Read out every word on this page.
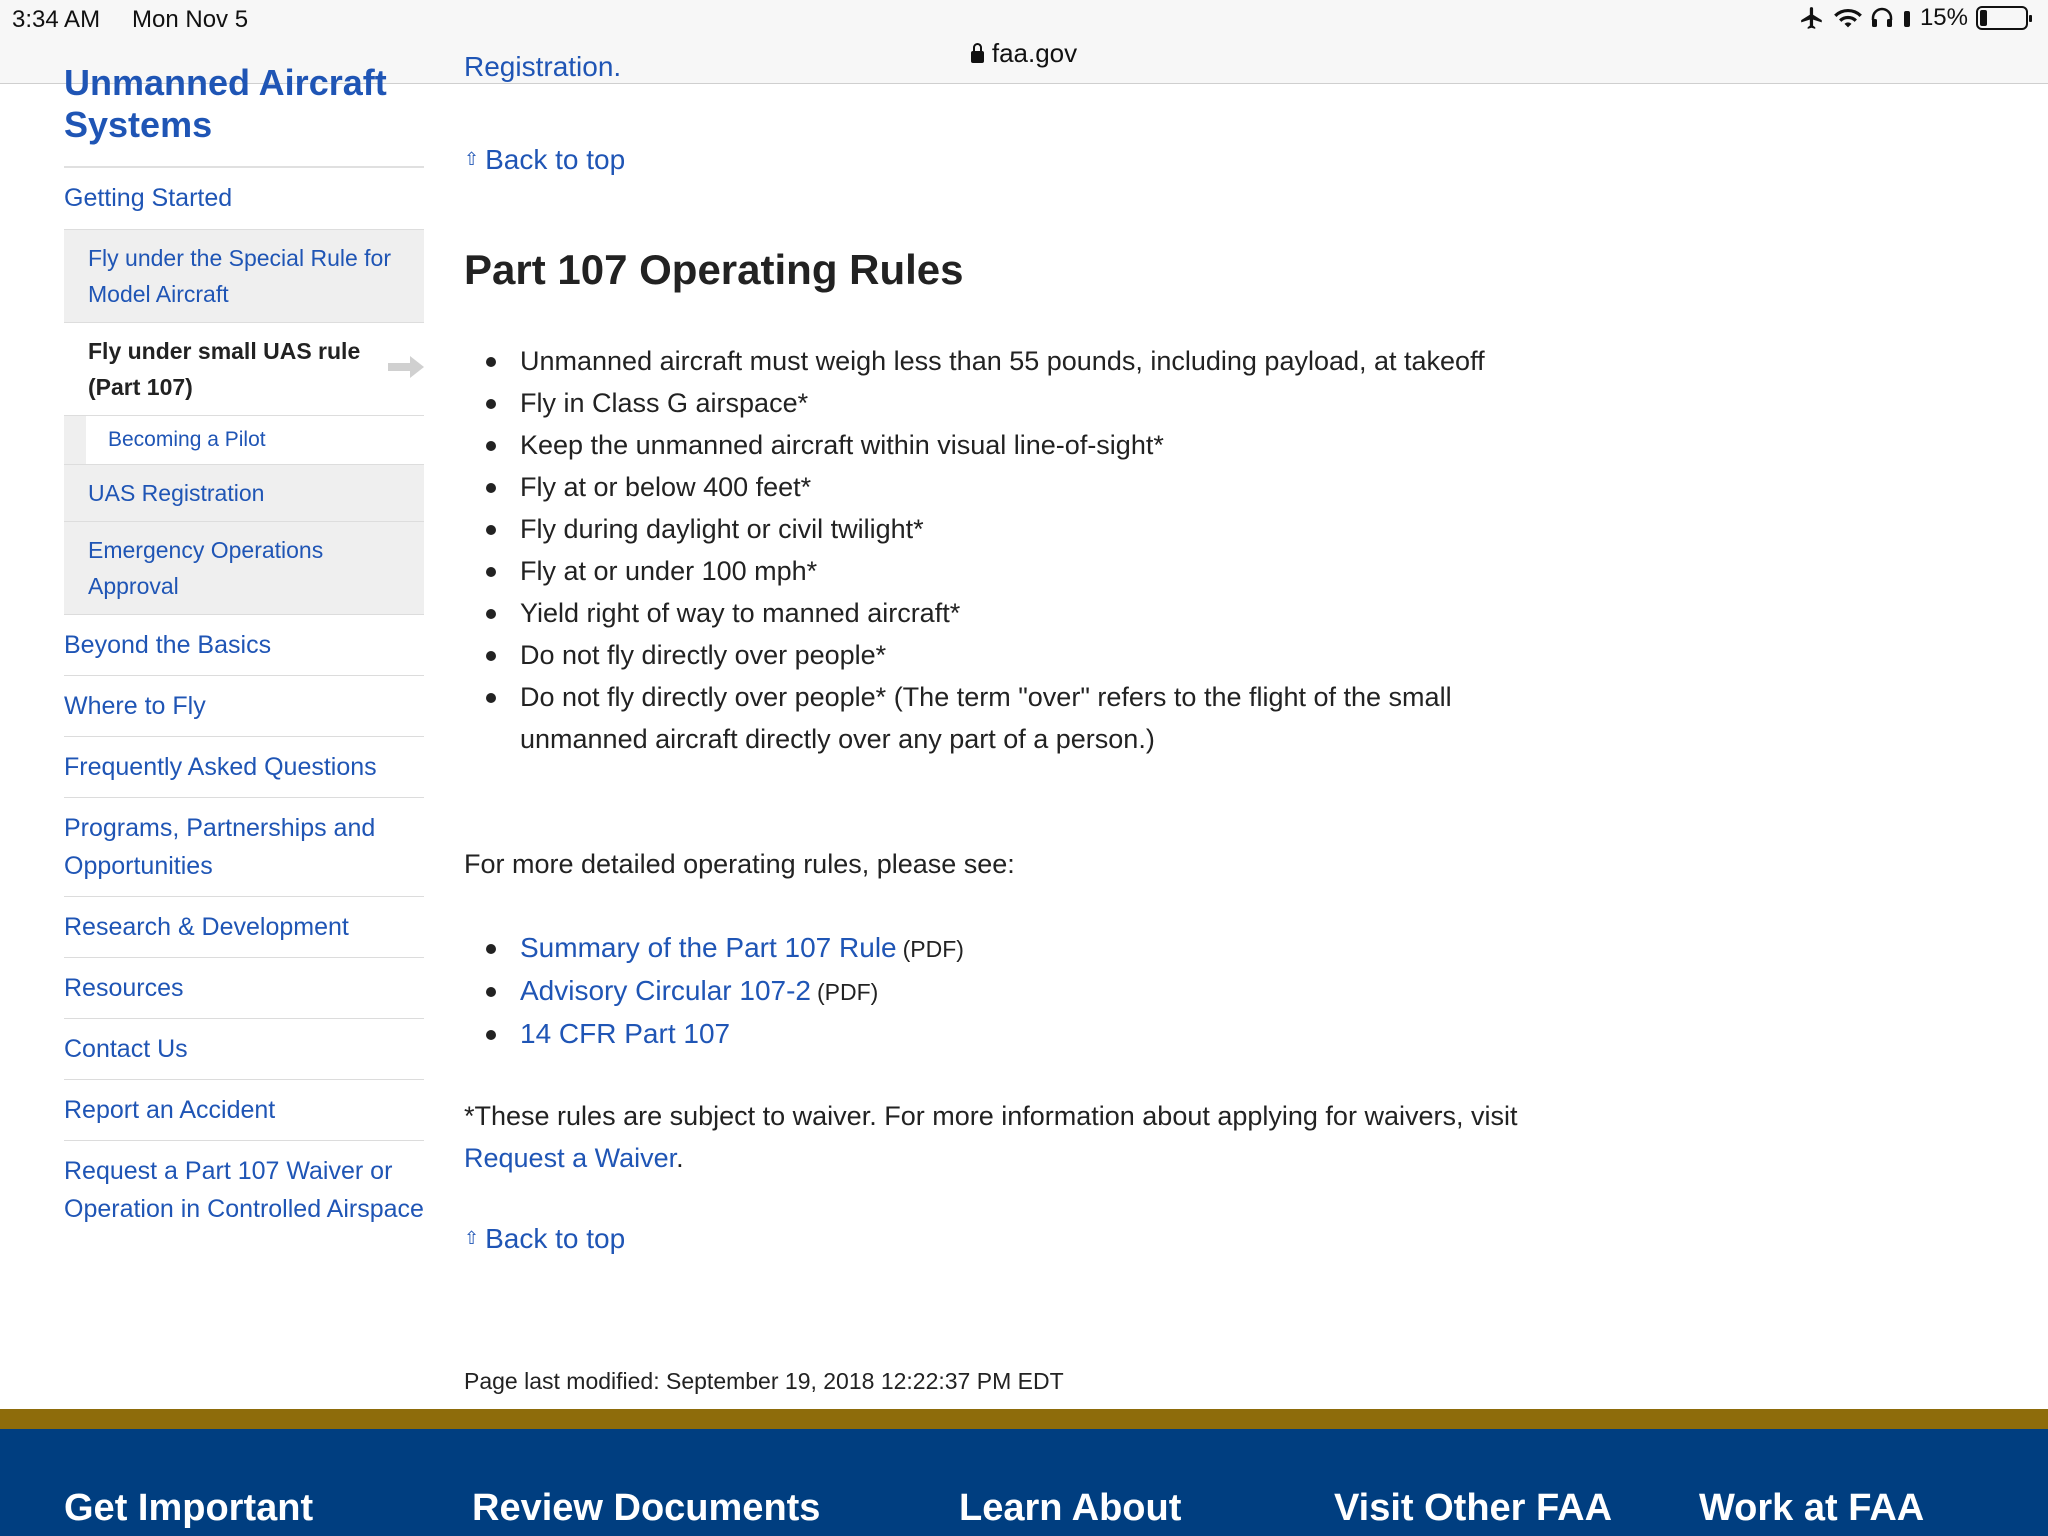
3:34 AM Mon Nov 5	15%
faa.gov
Unmanned Aircraft
Systems
Getting Started
Fly under the Special Rule for Model Aircraft
Fly under small UAS rule (Part 107)
Becoming a Pilot
UAS Registration
Emergency Operations Approval
Beyond the Basics
Where to Fly
Frequently Asked Questions
Programs, Partnerships and Opportunities
Research & Development
Resources
Contact Us
Report an Accident
Request a Part 107 Waiver or Operation in Controlled Airspace
Registration.
⇧ Back to top
Part 107 Operating Rules
Unmanned aircraft must weigh less than 55 pounds, including payload, at takeoff
Fly in Class G airspace*
Keep the unmanned aircraft within visual line-of-sight*
Fly at or below 400 feet*
Fly during daylight or civil twilight*
Fly at or under 100 mph*
Yield right of way to manned aircraft*
Do not fly directly over people*
Do not fly directly over people* (The term "over" refers to the flight of the small unmanned aircraft directly over any part of a person.)

For more detailed operating rules, please see:

Summary of the Part 107 Rule (PDF)
Advisory Circular 107-2 (PDF)
14 CFR Part 107

*These rules are subject to waiver. For more information about applying for waivers, visit Request a Waiver.

⇧ Back to top
Page last modified: September 19, 2018 12:22:37 PM EDT
Get Important	Review Documents	Learn About	Visit Other FAA Work at FAA
